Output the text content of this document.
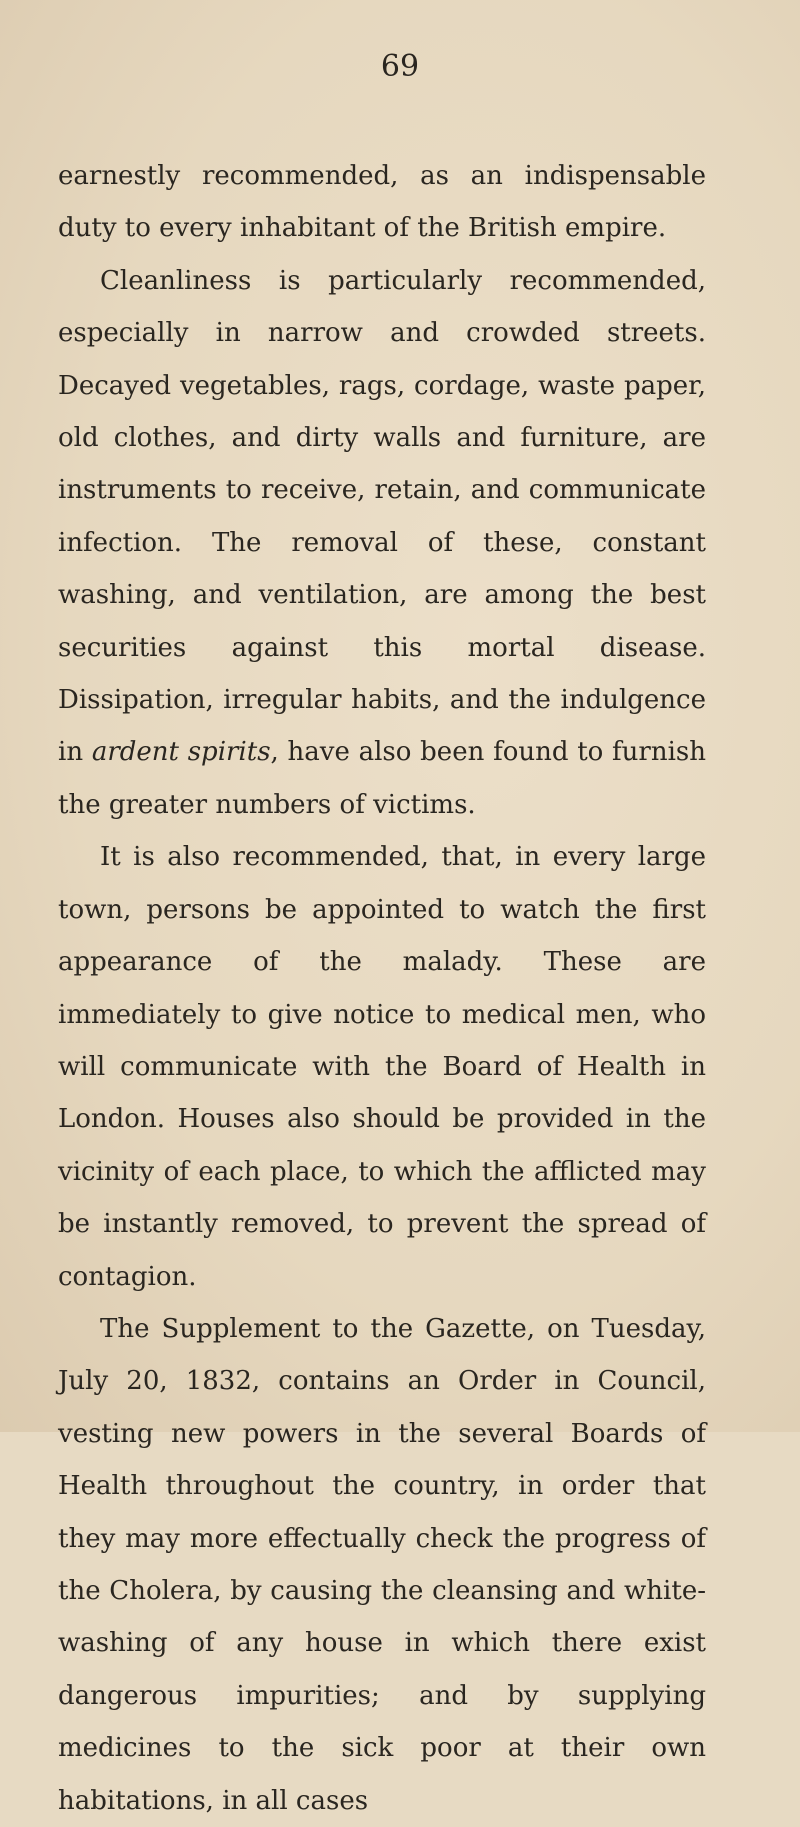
69

earnestly recommended, as an indispensable duty to every inhabitant of the British empire.

Cleanliness is particularly recommended, especially in narrow and crowded streets. Decayed vegetables, rags, cordage, waste paper, old clothes, and dirty walls and furniture, are instruments to receive, retain, and communicate infection. The removal of these, constant washing, and ventilation, are among the best securities against this mortal disease. Dissipation, irregular habits, and the indulgence in ardent spirits, have also been found to furnish the greater numbers of victims.

It is also recommended, that, in every large town, persons be appointed to watch the first appearance of the malady. These are immediately to give notice to medical men, who will communicate with the Board of Health in London. Houses also should be provided in the vicinity of each place, to which the afflicted may be instantly removed, to prevent the spread of contagion.

The Supplement to the Gazette, on Tuesday, July 20, 1832, contains an Order in Council, vesting new powers in the several Boards of Health throughout the country, in order that they may more effectually check the progress of the Cholera, by causing the cleansing and white-washing of any house in which there exist dangerous impurities; and by supplying medicines to the sick poor at their own habitations, in all cases
